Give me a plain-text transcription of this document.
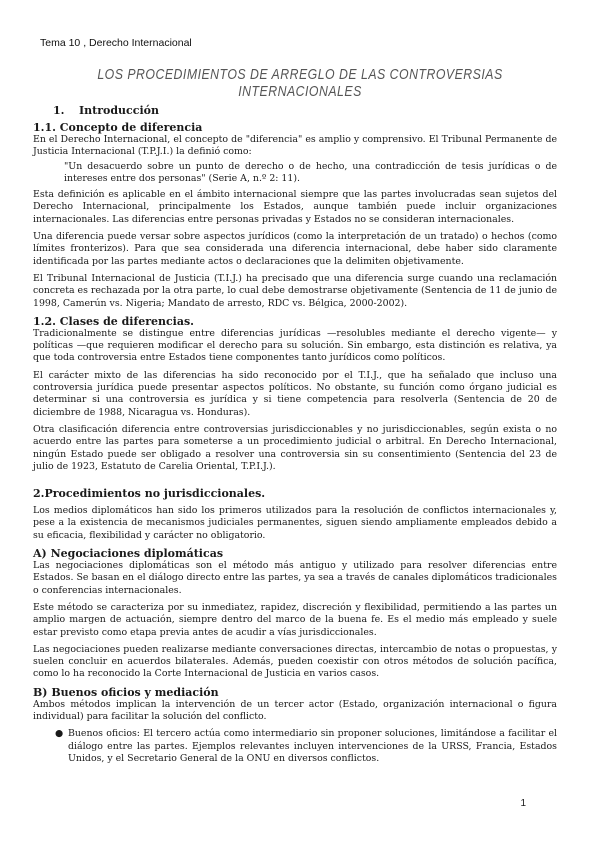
Tema 10 , Derecho Internacional
LOS PROCEDIMIENTOS DE ARREGLO DE LAS CONTROVERSIAS INTERNACIONALES
1. Introducción
1.1. Concepto de diferencia

En el Derecho Internacional, el concepto de "diferencia" es amplio y comprensivo. El Tribunal Permanente de Justicia Internacional (T.P.J.I.) la definió como:

"Un desacuerdo sobre un punto de derecho o de hecho, una contradicción de tesis jurídicas o de intereses entre dos personas" (Serie A, n.º 2: 11).

Esta definición es aplicable en el ámbito internacional siempre que las partes involucradas sean sujetos del Derecho Internacional, principalmente los Estados, aunque también puede incluir organizaciones internacionales. Las diferencias entre personas privadas y Estados no se consideran internacionales.

Una diferencia puede versar sobre aspectos jurídicos (como la interpretación de un tratado) o hechos (como límites fronterizos). Para que sea considerada una diferencia internacional, debe haber sido claramente identificada por las partes mediante actos o declaraciones que la delimiten objetivamente.

El Tribunal Internacional de Justicia (T.I.J.) ha precisado que una diferencia surge cuando una reclamación concreta es rechazada por la otra parte, lo cual debe demostrarse objetivamente (Sentencia de 11 de junio de 1998, Camerún vs. Nigeria; Mandato de arresto, RDC vs. Bélgica, 2000-2002).

1.2. Clases de diferencias.

Tradicionalmente se distingue entre diferencias jurídicas —resolubles mediante el derecho vigente— y políticas —que requieren modificar el derecho para su solución. Sin embargo, esta distinción es relativa, ya que toda controversia entre Estados tiene componentes tanto jurídicos como políticos.

El carácter mixto de las diferencias ha sido reconocido por el T.I.J., que ha señalado que incluso una controversia jurídica puede presentar aspectos políticos. No obstante, su función como órgano judicial es determinar si una controversia es jurídica y si tiene competencia para resolverla (Sentencia de 20 de diciembre de 1988, Nicaragua vs. Honduras).

Otra clasificación diferencia entre controversias jurisdiccionables y no jurisdiccionables, según exista o no acuerdo entre las partes para someterse a un procedimiento judicial o arbitral. En Derecho Internacional, ningún Estado puede ser obligado a resolver una controversia sin su consentimiento (Sentencia del 23 de julio de 1923, Estatuto de Carelia Oriental, T.P.I.J.).

2.Procedimientos no jurisdiccionales.

Los medios diplomáticos han sido los primeros utilizados para la resolución de conflictos internacionales y, pese a la existencia de mecanismos judiciales permanentes, siguen siendo ampliamente empleados debido a su eficacia, flexibilidad y carácter no obligatorio.

A) Negociaciones diplomáticas

Las negociaciones diplomáticas son el método más antiguo y utilizado para resolver diferencias entre Estados. Se basan en el diálogo directo entre las partes, ya sea a través de canales diplomáticos tradicionales o conferencias internacionales.

Este método se caracteriza por su inmediatez, rapidez, discreción y flexibilidad, permitiendo a las partes un amplio margen de actuación, siempre dentro del marco de la buena fe. Es el medio más empleado y suele estar previsto como etapa previa antes de acudir a vías jurisdiccionales.

Las negociaciones pueden realizarse mediante conversaciones directas, intercambio de notas o propuestas, y suelen concluir en acuerdos bilaterales. Además, pueden coexistir con otros métodos de solución pacífica, como lo ha reconocido la Corte Internacional de Justicia en varios casos.

B) Buenos oficios y mediación

Ambos métodos implican la intervención de un tercer actor (Estado, organización internacional o figura individual) para facilitar la solución del conflicto.

● Buenos oficios: El tercero actúa como intermediario sin proponer soluciones, limitándose a facilitar el diálogo entre las partes. Ejemplos relevantes incluyen intervenciones de la URSS, Francia, Estados Unidos, y el Secretario General de la ONU en diversos conflictos.
1
